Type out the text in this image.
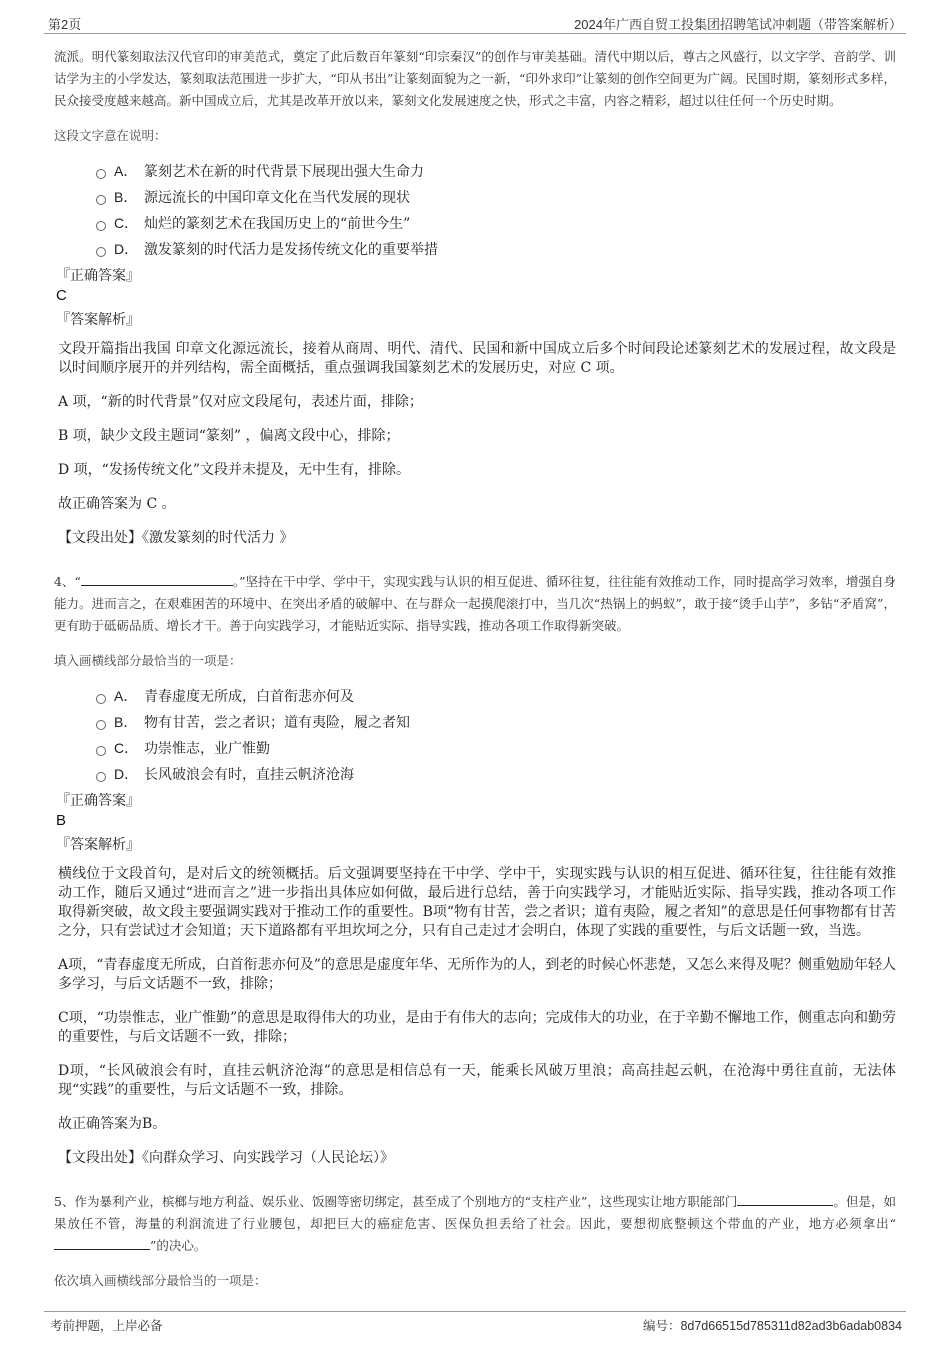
第2页	2024年广西自贸工投集团招聘笔试冲刺题（带答案解析）

流派。明代篆刻取法汉代官印的审美范式，奠定了此后数百年篆刻“印宗秦汉”的创作与审美基础。清代中期以后，尊古之风盛行，以文字学、音韵学、训诂学为主的小学发达，篆刻取法范围进一步扩大，“印从书出”让篆刻面貌为之一新，“印外求印”让篆刻的创作空间更为广阔。民国时期，篆刻形式多样，民众接受度越来越高。新中国成立后，尤其是改革开放以来，篆刻文化发展速度之快，形式之丰富，内容之精彩，超过以往任何一个历史时期。

这段文字意在说明：

A． 篆刻艺术在新的时代背景下展现出强大生命力
B． 源远流长的中国印章文化在当代发展的现状
C． 灿烂的篆刻艺术在我国历史上的“前世今生”
D． 激发篆刻的时代活力是发扬传统文化的重要举措
『正确答案』
C
『答案解析』

文段开篇指出我国 印章文化源远流长，接着从商周、明代、清代、民国和新中国成立后多个时间段论述篆刻艺术的发展过程，故文段是以时间顺序展开的并列结构，需全面概括，重点强调我国篆刻艺术的发展历史，对应 C 项。

A 项，“新的时代背景”仅对应文段尾句，表述片面，排除；

B 项，缺少文段主题词“篆刻” ，偏离文段中心，排除；

D 项，“发扬传统文化”文段并未提及，无中生有，排除。

故正确答案为 C 。

【文段出处】《激发篆刻的时代活力 》

4、“	。”坚持在干中学、学中干，实现实践与认识的相互促进、循环往复，往往能有效推动工作，同时提高学习效率，增强自身能力。进而言之，在艰难困苦的环境中、在突出矛盾的破解中、在与群众一起摸爬滚打中，当几次“热锅上的蚂蚁”，敢于接“烫手山芋”，多钻“矛盾窝”，更有助于砥砺品质、增长才干。善于向实践学习，才能贴近实际、指导实践，推动各项工作取得新突破。

填入画横线部分最恰当的一项是：

A． 青春虚度无所成，白首衔悲亦何及
B． 物有甘苦，尝之者识；道有夷险，履之者知
C． 功崇惟志，业广惟勤
D． 长风破浪会有时，直挂云帆济沧海
『正确答案』
B
『答案解析』

横线位于文段首句，是对后文的统领概括。后文强调要坚持在干中学、学中干，实现实践与认识的相互促进、循环往复，往往能有效推动工作，随后又通过“进而言之”进一步指出具体应如何做，最后进行总结，善于向实践学习，才能贴近实际、指导实践，推动各项工作取得新突破，故文段主要强调实践对于推动工作的重要性。B项“物有甘苦，尝之者识；道有夷险，履之者知”的意思是任何事物都有甘苦之分，只有尝试过才会知道；天下道路都有平坦坎坷之分，只有自己走过才会明白，体现了实践的重要性，与后文话题一致，当选。

A项，“青春虚度无所成，白首衔悲亦何及”的意思是虚度年华、无所作为的人，到老的时候心怀悲楚，又怎么来得及呢？侧重勉励年轻人多学习，与后文话题不一致，排除；

C项，“功崇惟志，业广惟勤”的意思是取得伟大的功业，是由于有伟大的志向；完成伟大的功业，在于辛勤不懈地工作，侧重志向和勤劳的重要性，与后文话题不一致，排除；

D项，“长风破浪会有时，直挂云帆济沧海”的意思是相信总有一天，能乘长风破万里浪；高高挂起云帆，在沧海中勇往直前，无法体现“实践”的重要性，与后文话题不一致，排除。

故正确答案为B。

【文段出处】《向群众学习、向实践学习（人民论坛）》

5、作为暴利产业，槟榔与地方利益、娱乐业、饭圈等密切绑定，甚至成了个别地方的“支柱产业”，这些现实让地方职能部门	。但是，如果放任不管，海量的利润流进了行业腰包，却把巨大的癌症危害、医保负担丢给了社会。因此，要想彻底整顿这个带血的产业，地方必须拿出“”的决心。

依次填入画横线部分最恰当的一项是：

考前押题，上岸必备	编号：8d7d66515d785311d82ad3b6adab0834
